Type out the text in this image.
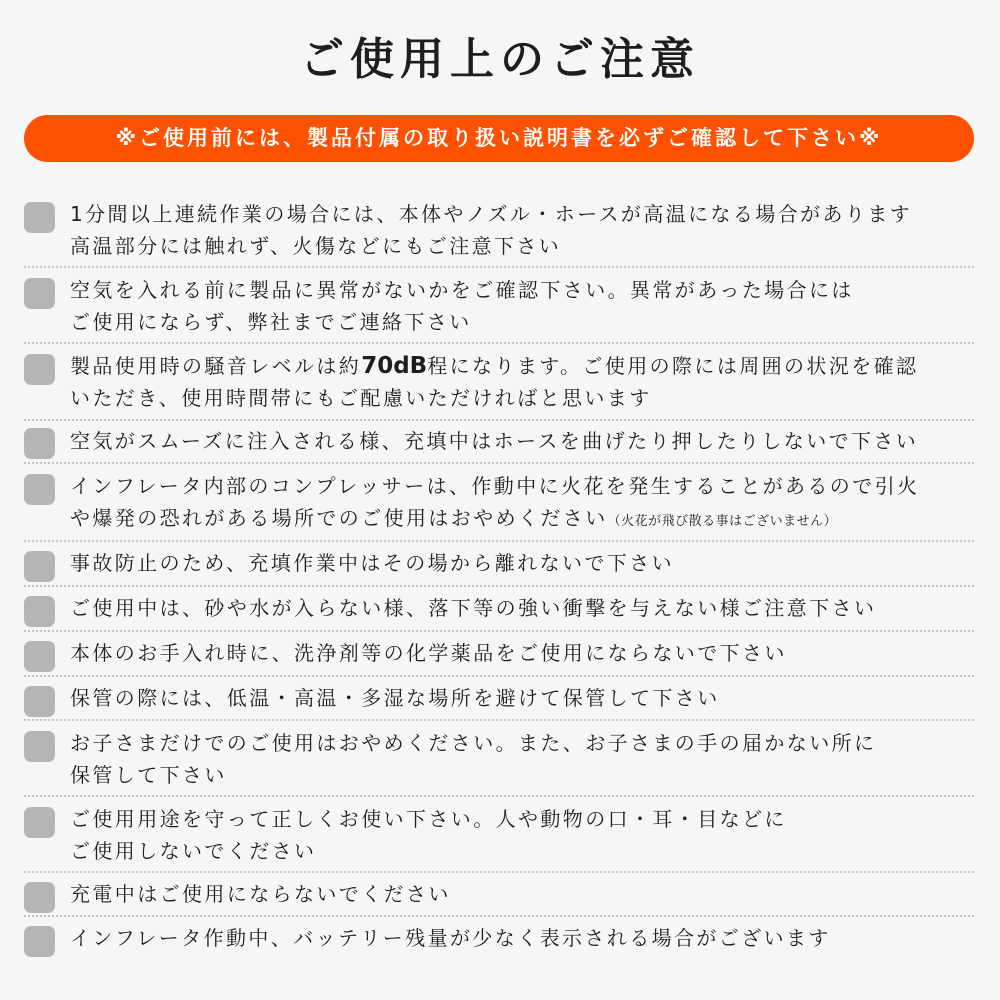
ご使用上のご注意
※ご使用前には、製品付属の取り扱い説明書を必ずご確認して下さい※
1分間以上連続作業の場合には、本体やノズル・ホースが高温になる場合があります
高温部分には触れず、火傷などにもご注意下さい
空気を入れる前に製品に異常がないかをご確認下さい。異常があった場合には
ご使用にならず、弊社までご連絡下さい
製品使用時の騒音レベルは約70dB程になります。ご使用の際には周囲の状況を確認
いただき、使用時間帯にもご配慮いただければと思います
空気がスムーズに注入される様、充填中はホースを曲げたり押したりしないで下さい
インフレータ内部のコンプレッサーは、作動中に火花を発生することがあるので引火
や爆発の恐れがある場所でのご使用はおやめください（火花が飛び散る事はございません）
事故防止のため、充填作業中はその場から離れないで下さい
ご使用中は、砂や水が入らない様、落下等の強い衝撃を与えない様ご注意下さい
本体のお手入れ時に、洗浄剤等の化学薬品をご使用にならないで下さい
保管の際には、低温・高温・多湿な場所を避けて保管して下さい
お子さまだけでのご使用はおやめください。また、お子さまの手の届かない所に
保管して下さい
ご使用用途を守って正しくお使い下さい。人や動物の口・耳・目などに
ご使用しないでください
充電中はご使用にならないでください
インフレータ作動中、バッテリー残量が少なく表示される場合がございます
